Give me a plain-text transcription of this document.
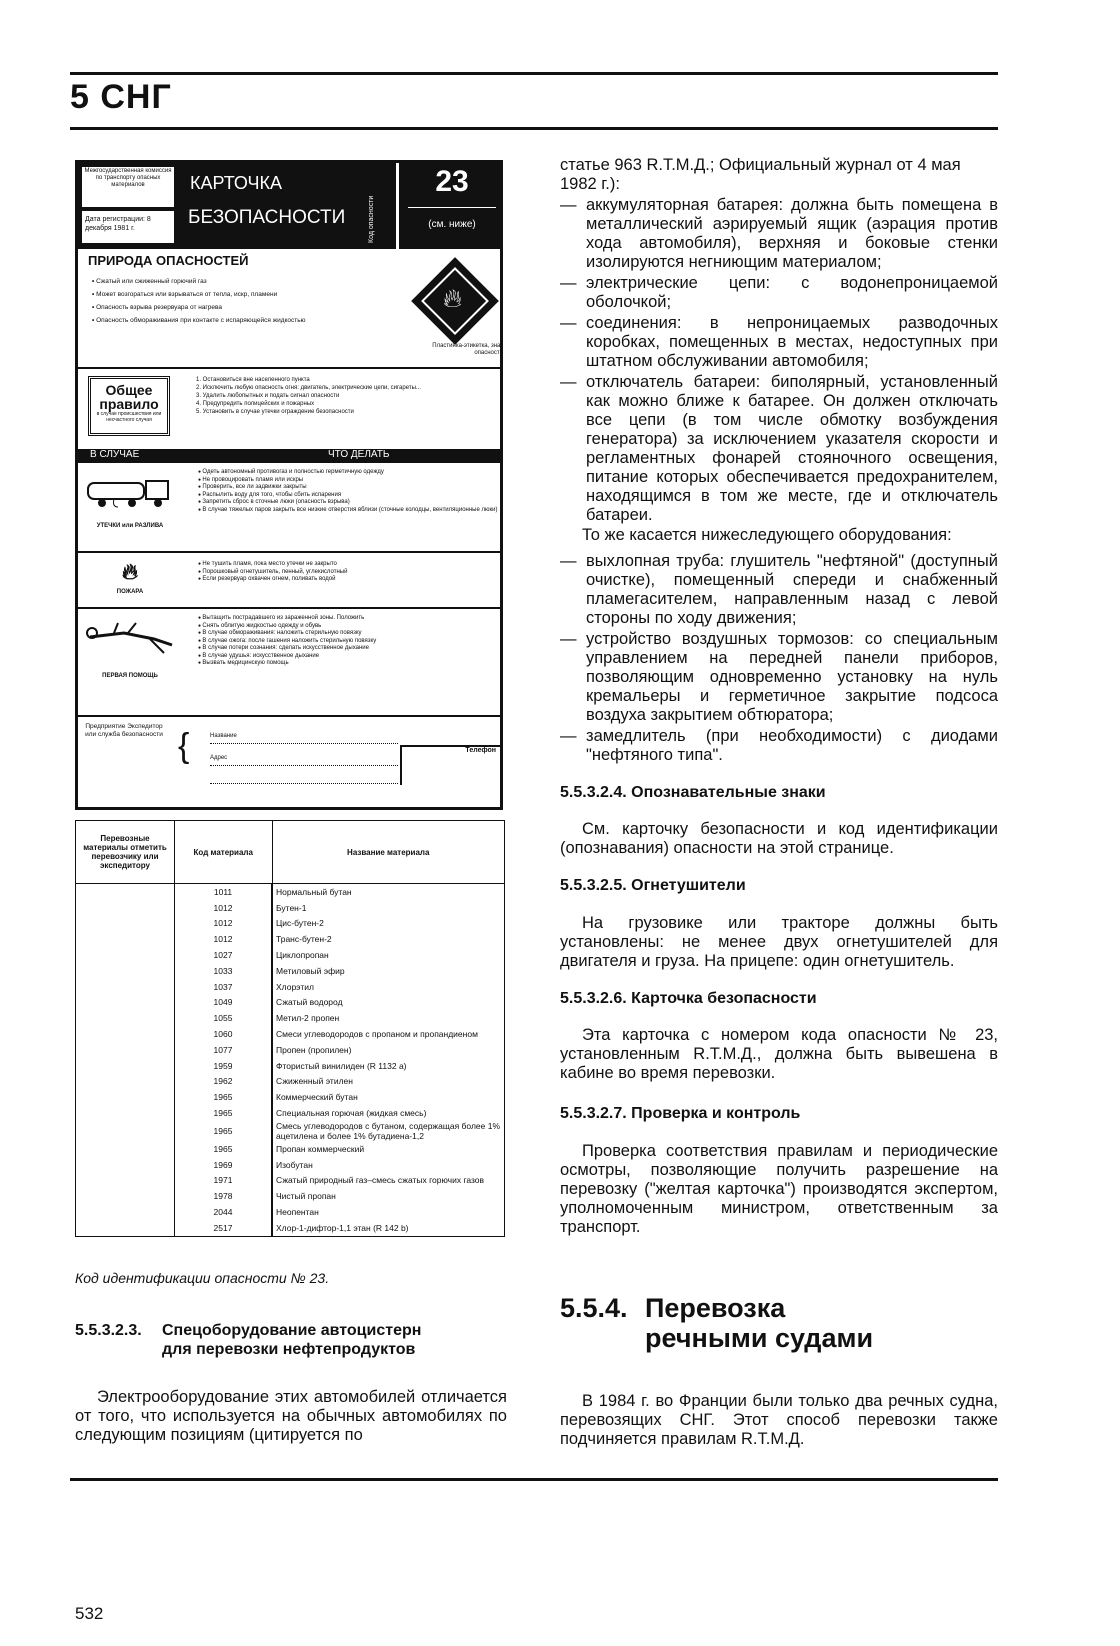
5 СНГ
Межгосударственная комиссия по транспорту опасных материалов
Дата регистрации: 8 декабря 1981 г.
КАРТОЧКА
БЕЗОПАСНОСТИ	Код опасности
23
(см. ниже)
ПРИРОДА ОПАСНОСТЕЙ
• Сжатый или сжиженный горючий газ
• Может возгораться или взрываться от тепла, искр, пламени
• Опасность взрыва резервуара от нагрева
• Опасность обмораживания при контакте с испаряющейся жидкостью
🔥︎
Пластинка-этикетка, знак опасности
Общее правило
в случае происшествия или несчастного случая
1. Остановиться вне населенного пункта
2. Исключить любую опасность огня: двигатель, электрические цепи, сигареты...
3. Удалить любопытных и подать сигнал опасности
4. Предупредить полицейских и пожарных
5. Установить в случае утечки ограждение безопасности
В СЛУЧАЕ	ЧТО ДЕЛАТЬ
УТЕЧКИ или РАЗЛИВА
● Одеть автономный противогаз и полностью герметичную одежду
● Не провоцировать пламя или искры
● Проверить, все ли задвижки закрыты
● Распылить воду для того, чтобы сбить испарения
● Запретить сброс в сточные люки (опасность взрыва)
● В случае тяжелых паров закрыть все низкие отверстия вблизи (сточные колодцы, вентиляционные люки)
🔥︎
ПОЖАРА
● Не тушить пламя, пока место утечки не закрыто
● Порошковый огнетушитель, пенный, углекислотный
● Если резервуар охвачен огнем, поливать водой
ПЕРВАЯ ПОМОЩЬ
● Вытащить пострадавшего из зараженной зоны. Положить
● Снять облитую жидкостью одежду и обувь
● В случае обмораживания: наложить стерильную повязку
● В случае ожога: после гашения наложить стерильную повязку
● В случае потери сознания: сделать искусственное дыхание
● В случае удушья: искусственное дыхание
● Вызвать медицинскую помощь
Предприятие Экспедитор или служба безопасности {	Название
Адрес
Телефон
Перевозные материалы отметить перевозчику или экспедитору	Код материала	Название материала
	1011	Нормальный бутан
	1012	Бутен-1
	1012	Цис-бутен-2
	1012	Транс-бутен-2
	1027	Циклопропан
	1033	Метиловый эфир
	1037	Хлорэтил
	1049	Сжатый водород
	1055	Метил-2 пропен
	1060	Смеси углеводородов с пропаном и пропандиеном
	1077	Пропен (пропилен)
	1959	Фтористый винилиден (R 1132 a)
	1962	Сжиженный этилен
	1965	Коммерческий бутан
	1965	Специальная горючая (жидкая смесь)
	1965	Смесь углеводородов с бутаном, содержащая более 1% ацетилена и более 1% бутадиена-1,2
	1965	Пропан коммерческий
	1969	Изобутан
	1971	Сжатый природный газ–смесь сжатых горючих газов
	1978	Чистый пропан
	2044	Неопентан
	2517	Хлор-1-дифтор-1,1 этан (R 142 b)
Код идентификации опасности № 23.
5.5.3.2.3. Спецоборудование автоцистерн
для перевозки нефтепродуктов
Электрооборудование этих автомобилей отличается от того, что используется на обычных автомобилях по следующим позициям (цитируется по
статье 963 R.T.M.Д.; Официальный журнал от 4 мая 1982 г.):
— аккумуляторная батарея: должна быть помещена в металлический аэрируемый ящик (аэрация против хода автомобиля), верхняя и боковые стенки изолируются негниющим материалом;
— электрические цепи: с водонепроницаемой оболочкой;
— соединения: в непроницаемых разводочных коробках, помещенных в местах, недоступных при штатном обслуживании автомобиля;
— отключатель батареи: биполярный, установленный как можно ближе к батарее. Он должен отключать все цепи (в том числе обмотку возбуждения генератора) за исключением указателя скорости и регламентных фонарей стояночного освещения, питание которых обеспечивается предохранителем, находящимся в том же месте, где и отключатель батареи.
То же касается нижеследующего оборудования:
— выхлопная труба: глушитель "нефтяной" (доступный очистке), помещенный спереди и снабженный пламегасителем, направленным назад с левой стороны по ходу движения;
— устройство воздушных тормозов: со специальным управлением на передней панели приборов, позволяющим одновременно установку на нуль кремальеры и герметичное закрытие подсоса воздуха закрытием обтюратора;
— замедлитель (при необходимости) с диодами "нефтяного типа".
5.5.3.2.4. Опознавательные знаки
См. карточку безопасности и код идентификации (опознавания) опасности на этой странице.
5.5.3.2.5. Огнетушители
На грузовике или тракторе должны быть установлены: не менее двух огнетушителей для двигателя и груза. На прицепе: один огнетушитель.
5.5.3.2.6. Карточка безопасности
Эта карточка с номером кода опасности № 23, установленным R.T.M.Д., должна быть вывешена в кабине во время перевозки.
5.5.3.2.7. Проверка и контроль
Проверка соответствия правилам и периодические осмотры, позволяющие получить разрешение на перевозку ("желтая карточка") производятся экспертом, уполномоченным министром, ответственным за транспорт.
5.5.4. Перевозка
речными судами
В 1984 г. во Франции были только два речных судна, перевозящих СНГ. Этот способ перевозки также подчиняется правилам R.T.M.Д.
532
